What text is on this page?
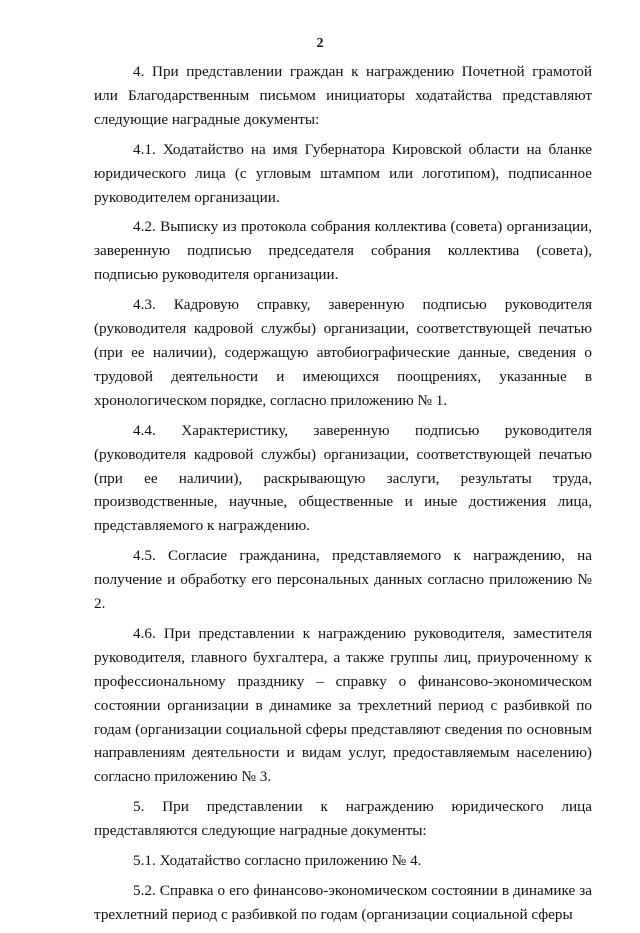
2

4. При представлении граждан к награждению Почетной грамотой или Благодарственным письмом инициаторы ходатайства представляют следующие наградные документы:

4.1. Ходатайство на имя Губернатора Кировской области на бланке юридического лица (с угловым штампом или логотипом), подписанное руководителем организации.

4.2. Выписку из протокола собрания коллектива (совета) организации, заверенную подписью председателя собрания коллектива (совета), подписью руководителя организации.

4.3. Кадровую справку, заверенную подписью руководителя (руководителя кадровой службы) организации, соответствующей печатью (при ее наличии), содержащую автобиографические данные, сведения о трудовой деятельности и имеющихся поощрениях, указанные в хронологическом порядке, согласно приложению № 1.

4.4. Характеристику, заверенную подписью руководителя (руководителя кадровой службы) организации, соответствующей печатью (при ее наличии), раскрывающую заслуги, результаты труда, производственные, научные, общественные и иные достижения лица, представляемого к награждению.

4.5. Согласие гражданина, представляемого к награждению, на получение и обработку его персональных данных согласно приложению № 2.

4.6. При представлении к награждению руководителя, заместителя руководителя, главного бухгалтера, а также группы лиц, приуроченному к профессиональному празднику – справку о финансово-экономическом состоянии организации в динамике за трехлетний период с разбивкой по годам (организации социальной сферы представляют сведения по основным направлениям деятельности и видам услуг, предоставляемым населению) согласно приложению № 3.

5. При представлении к награждению юридического лица представляются следующие наградные документы:

5.1. Ходатайство согласно приложению № 4.

5.2. Справка о его финансово-экономическом состоянии в динамике за трехлетний период с разбивкой по годам (организации социальной сферы
